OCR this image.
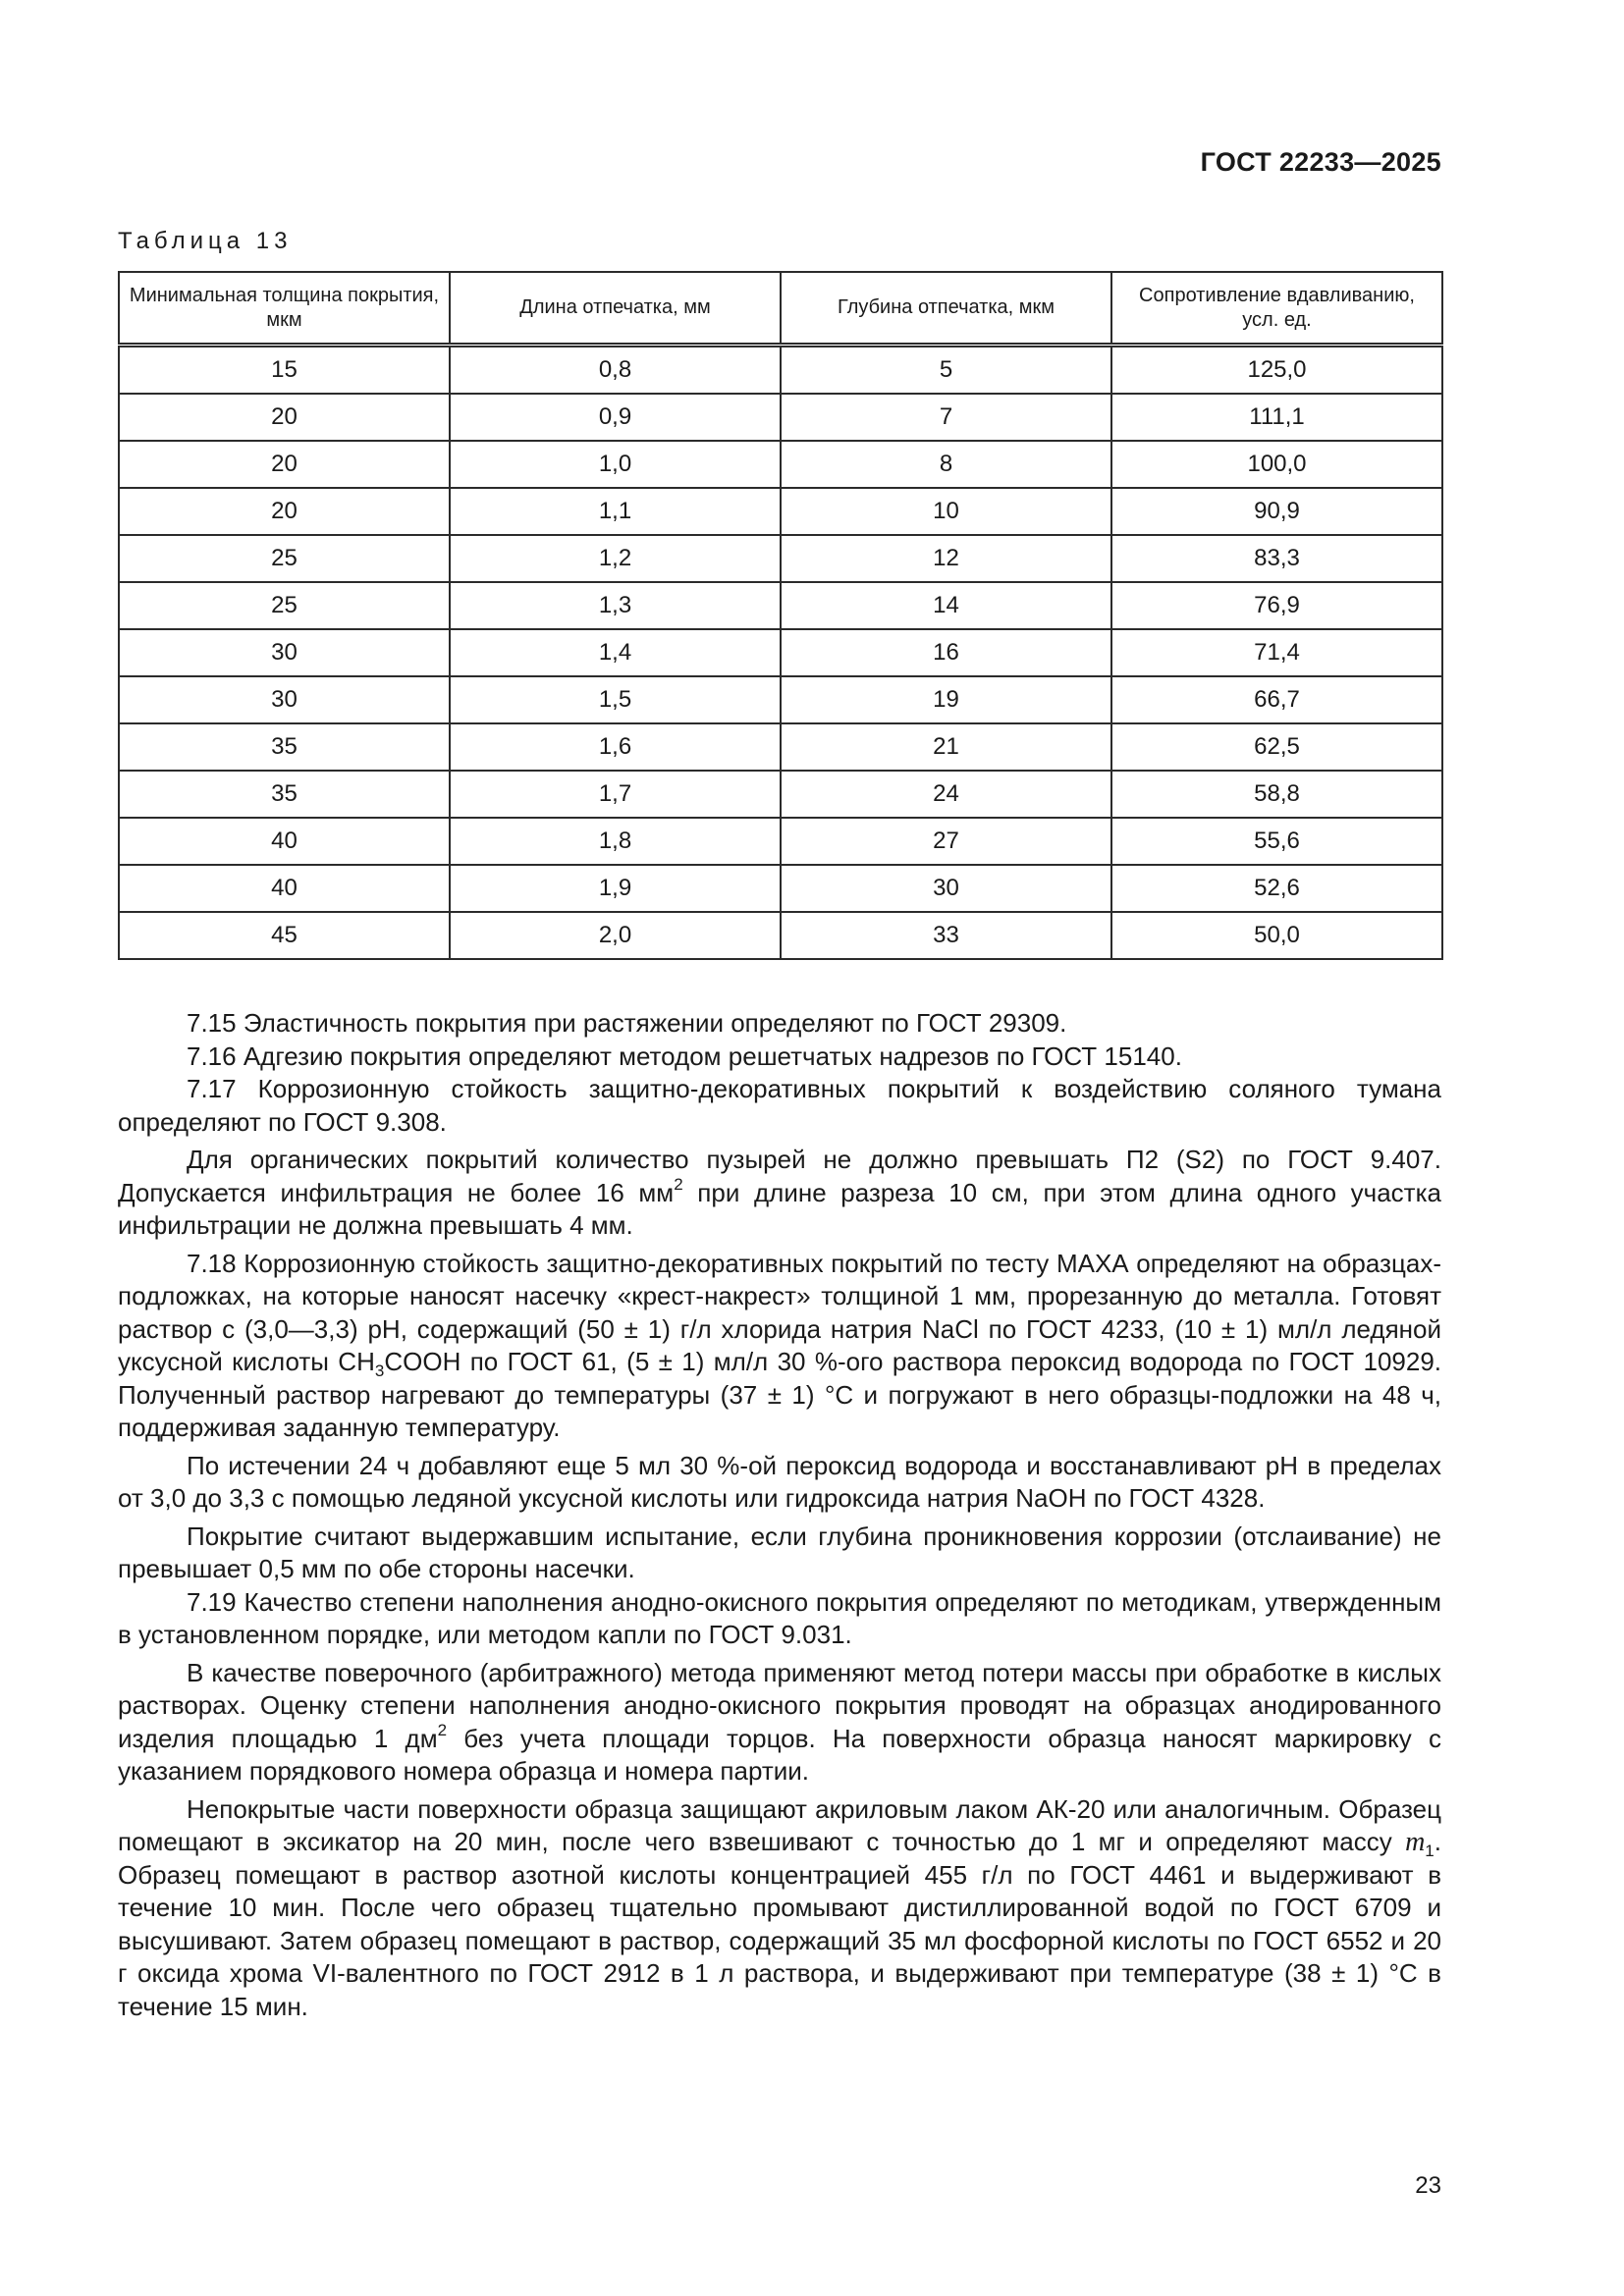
ГОСТ 22233—2025
Таблица 13
Минимальная толщина покрытия, мкм	Длина отпечатка, мм	Глубина отпечатка, мкм	Сопротивление вдавливанию, усл. ед.
15	0,8	5	125,0
20	0,9	7	111,1
20	1,0	8	100,0
20	1,1	10	90,9
25	1,2	12	83,3
25	1,3	14	76,9
30	1,4	16	71,4
30	1,5	19	66,7
35	1,6	21	62,5
35	1,7	24	58,8
40	1,8	27	55,6
40	1,9	30	52,6
45	2,0	33	50,0

7.15 Эластичность покрытия при растяжении определяют по ГОСТ 29309.

7.16 Адгезию покрытия определяют методом решетчатых надрезов по ГОСТ 15140.

7.17 Коррозионную стойкость защитно-декоративных покрытий к воздействию соляного тумана определяют по ГОСТ 9.308.

Для органических покрытий количество пузырей не должно превышать П2 (S2) по ГОСТ 9.407. Допускается инфильтрация не более 16 $мм^2$ при длине разреза 10 см, при этом длина одного участка инфильтрации не должна превышать 4 мм.

7.18 Коррозионную стойкость защитно-декоративных покрытий по тесту МАХА определяют на образцах-подложках, на которые наносят насечку «крест-накрест» толщиной 1 мм, прорезанную до металла. Готовят раствор с (3,0—3,3) pH, содержащий (50 ± 1) г/л хлорида натрия NaCl по ГОСТ 4233, (10 ± 1) мл/л ледяной уксусной кислоты $CH_3COOH$ по ГОСТ 61, (5 ± 1) мл/л 30 %-ого раствора пероксид водорода по ГОСТ 10929. Полученный раствор нагревают до температуры (37 ± 1) °С и погружают в него образцы-подложки на 48 ч, поддерживая заданную температуру.

По истечении 24 ч добавляют еще 5 мл 30 %-ой пероксид водорода и восстанавливают pH в пределах от 3,0 до 3,3 с помощью ледяной уксусной кислоты или гидроксида натрия NaOH по ГОСТ 4328.

Покрытие считают выдержавшим испытание, если глубина проникновения коррозии (отслаивание) не превышает 0,5 мм по обе стороны насечки.

7.19 Качество степени наполнения анодно-окисного покрытия определяют по методикам, утвержденным в установленном порядке, или методом капли по ГОСТ 9.031.

В качестве поверочного (арбитражного) метода применяют метод потери массы при обработке в кислых растворах. Оценку степени наполнения анодно-окисного покрытия проводят на образцах анодированного изделия площадью 1 $дм^2$ без учета площади торцов. На поверхности образца наносят маркировку с указанием порядкового номера образца и номера партии.

Непокрытые части поверхности образца защищают акриловым лаком АК-20 или аналогичным. Образец помещают в эксикатор на 20 мин, после чего взвешивают с точностью до 1 мг и определяют массу $m_1$. Образец помещают в раствор азотной кислоты концентрацией 455 г/л по ГОСТ 4461 и выдерживают в течение 10 мин. После чего образец тщательно промывают дистиллированной водой по ГОСТ 6709 и высушивают. Затем образец помещают в раствор, содержащий 35 мл фосфорной кислоты по ГОСТ 6552 и 20 г оксида хрома VI-валентного по ГОСТ 2912 в 1 л раствора, и выдерживают при температуре (38 ± 1) °С в течение 15 мин.

23
